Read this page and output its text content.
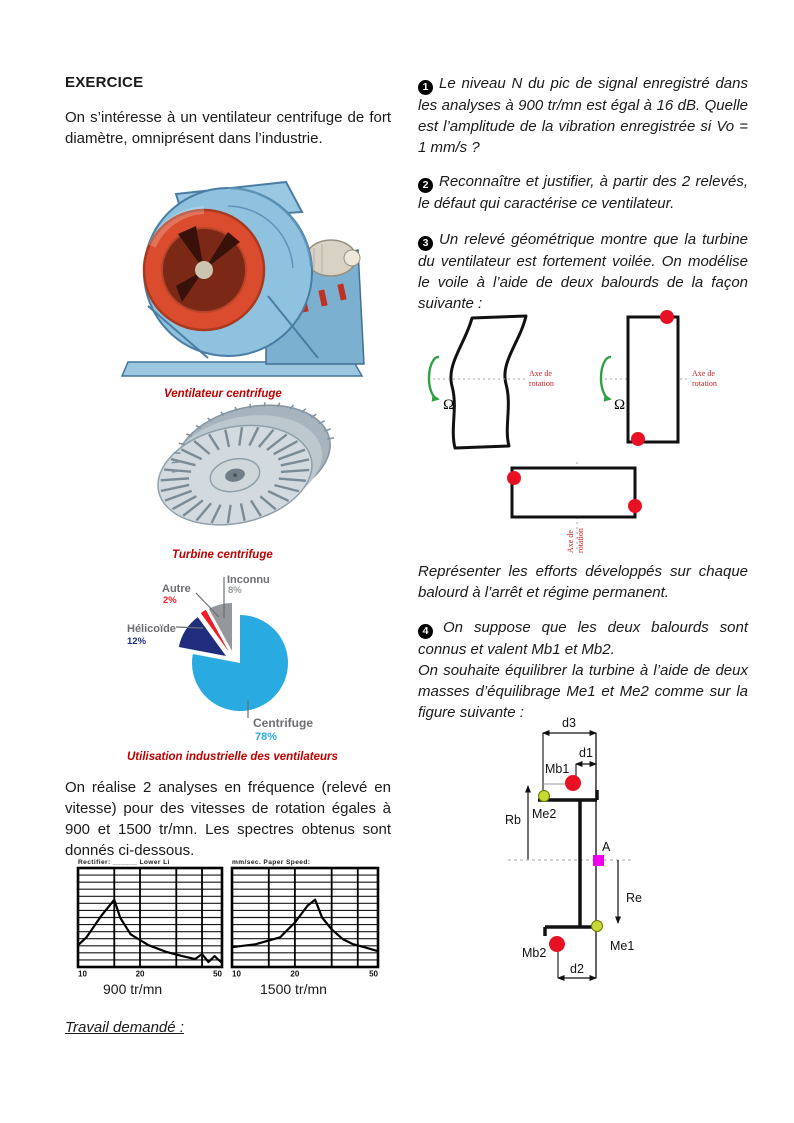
EXERCICE

On s’intéresse à un ventilateur centrifuge de fort diamètre, omniprésent dans l’industrie.

Ventilateur centrifuge
Turbine centrifuge
Inconnu
8%
Autre
2%
Hélicoïde
12%
Centrifuge
78%
Utilisation industrielle des ventilateurs

On réalise 2 analyses en fréquence (relevé en vitesse) pour des vitesses de rotation égales à 900 et 1500 tr/mn. Les spectres obtenus sont donnés ci-dessous.

Rectifier: ______ Lower Li	mm/sec. Paper Speed:
10	20	50 10	20	50
900 tr/mn	1500 tr/mn
Travail demandé :

1 Le niveau N du pic de signal enregistré dans les analyses à 900 tr/mn est égal à 16 dB. Quelle est l’amplitude de la vibration enregistrée si Vo = 1 mm/s ?

2 Reconnaître et justifier, à partir des 2 relevés, le défaut qui caractérise ce ventilateur.

3 Un relevé géométrique montre que la turbine du ventilateur est fortement voilée. On modélise le voile à l’aide de deux balourds de la façon suivante :

Ω
Axe de
rotation
Ω
Axe de
rotation
Axe de rotation

Représenter les efforts développés sur chaque balourd à l’arrêt et régime permanent.

4 On suppose que les deux balourds sont connus et valent Mb1 et Mb2.

On souhaite équilibrer la turbine à l’aide de deux masses d’équilibrage Me1 et Me2 comme sur la figure suivante :

d3
d1
Mb1
Rb Me2
A
Re
Me1
Mb2
d2
